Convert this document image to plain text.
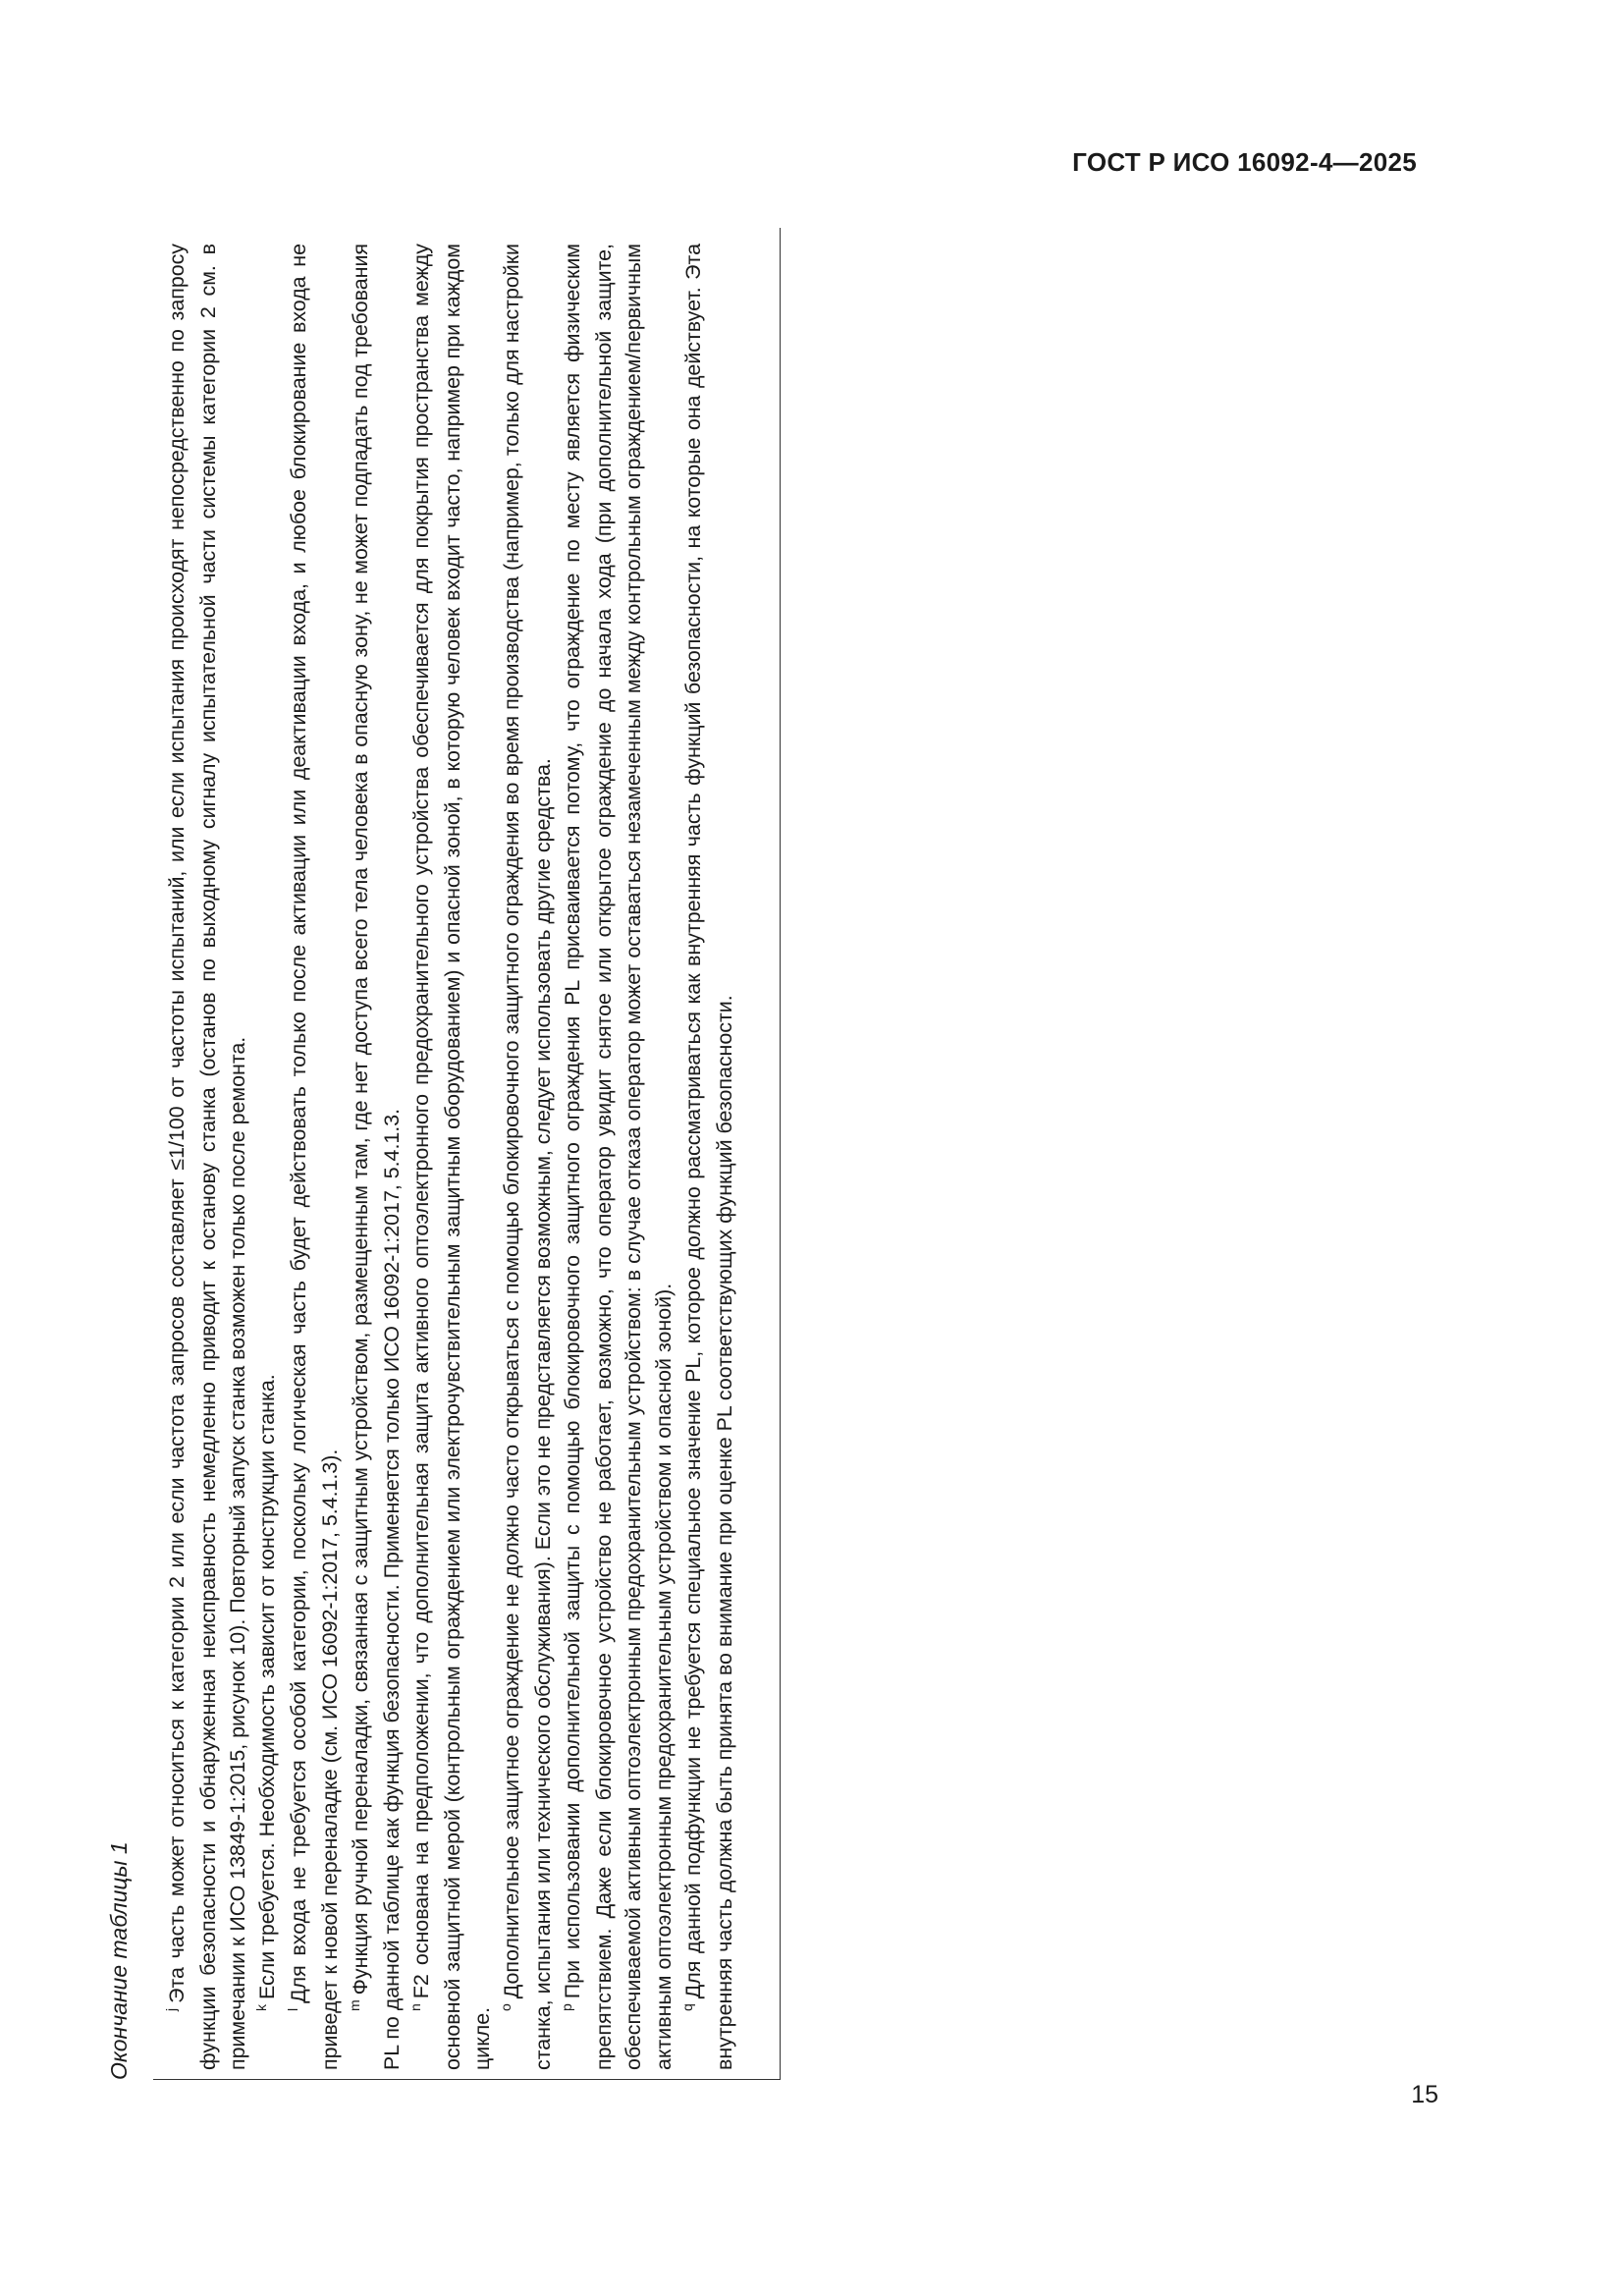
ГОСТ Р ИСО 16092-4—2025
Окончание таблицы 1 $^j$Эта часть может относиться к категории 2 или если частота запросов составляет ≤1/100 от частоты испытаний, или если испытания происходят непосредственно по запросу функции безопасности и обнаруженная неисправность немедленно приводит к останову станка (останов по выходному сигналу испытательной части системы категории 2 см. в примечании к ИСО 13849-1:2015, рисунок 10). Повторный запуск станка возможен только после ремонта. $^k$Если требуется. Необходимость зависит от конструкции станка.

$^l$Для входа не требуется особой категории, поскольку логическая часть будет действовать только после активации или деактивации входа, и любое блокирование входа не приведет к новой переналадке (см. ИСО 16092-1:2017, 5.4.1.3). $^m$Функция ручной переналадки, связанная с защитным устройством, размещенным там, где нет доступа всего тела человека в опасную зону, не может подпадать под требования PL по данной таблице как функция безопасности. Применяется только ИСО 16092-1:2017, 5.4.1.3. $^n$F2 основана на предположении, что дополнительная защита активного оптоэлектронного предохранительного устройства обеспечивается для покрытия пространства между основной защитной мерой (контрольным ограждением или электрочувствительным защитным оборудованием) и опасной зоной, в которую человек входит часто, например при каждом цикле. $^o$Дополнительное защитное ограждение не должно часто открываться с помощью блокировочного защитного ограждения во время производства (например, только для настройки станка, испытания или технического обслуживания). Если это не представляется возможным, следует использовать другие средства. $^p$При использовании дополнительной защиты с помощью блокировочного защитного ограждения PL присваивается потому, что ограждение по месту является физическим препятствием. Даже если блокировочное устройство не работает, возможно, что оператор увидит снятое или открытое ограждение до начала хода (при дополнительной защите, обеспечиваемой активным оптоэлектронным предохранительным устройством: в случае отказа оператор может оставаться незамеченным между контрольным ограждением/первичным активным оптоэлектронным предохранительным устройством и опасной зоной). $^q$Для данной подфункции не требуется специальное значение PL, которое должно рассматриваться как внутренняя часть функций безопасности, на которые она действует. Эта внутренняя часть должна быть принята во внимание при оценке PL соответствующих функций безопасности.

15
